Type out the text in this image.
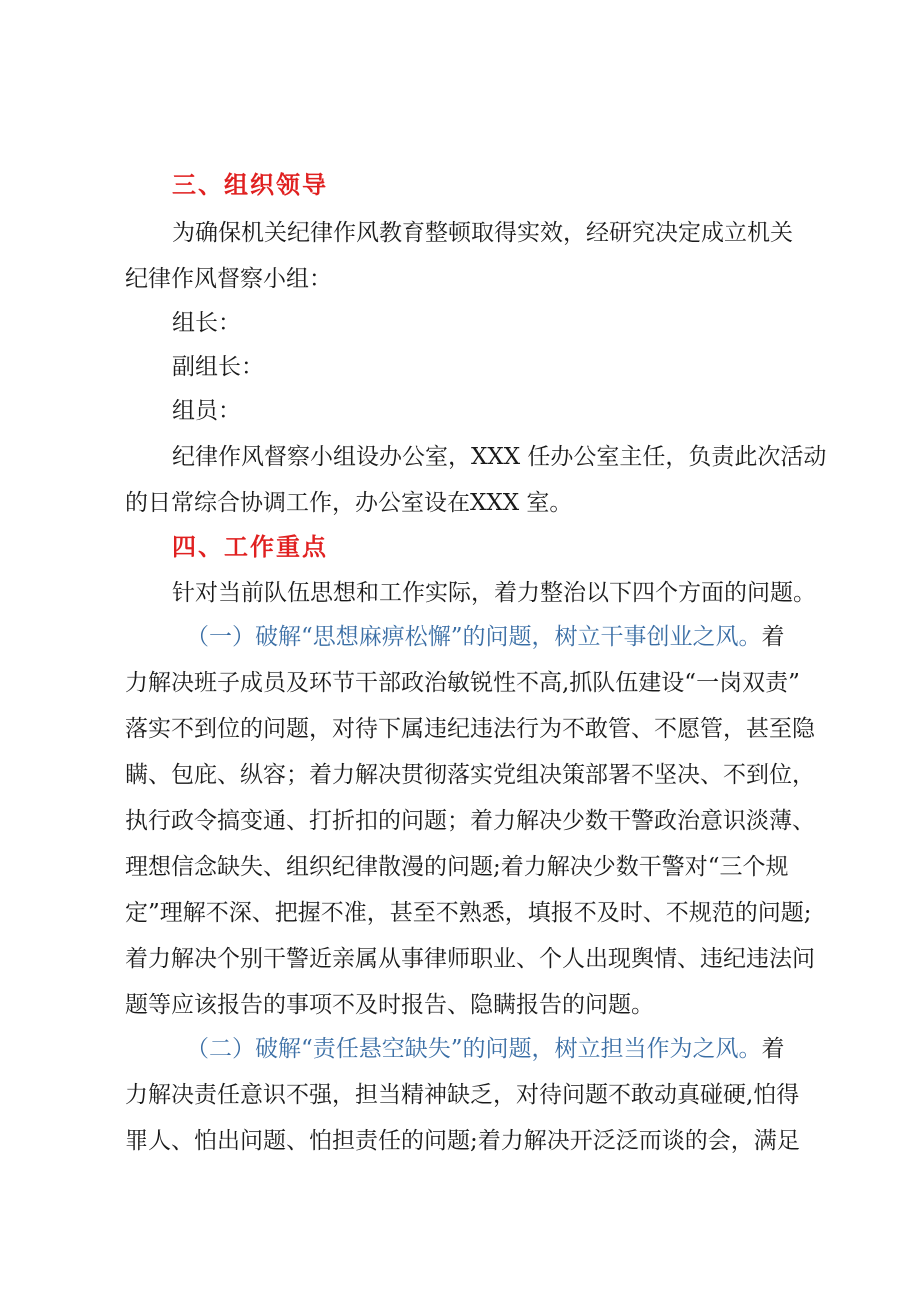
三、组织领导
为确保机关纪律作风教育整顿取得实效，经研究决定成立机关
纪律作风督察小组：
组长：
副组长：
组员：
纪律作风督察小组设办公室，XXX 任办公室主任，负责此次活动
的日常综合协调工作，办公室设在XXX 室。
四、工作重点
针对当前队伍思想和工作实际，着力整治以下四个方面的问题。
（一）破解“思想麻痹松懈”的问题，树立干事创业之风。着
力解决班子成员及环节干部政治敏锐性不高,抓队伍建设“一岗双责”
落实不到位的问题，对待下属违纪违法行为不敢管、不愿管，甚至隐
瞒、包庇、纵容；着力解决贯彻落实党组决策部署不坚决、不到位，
执行政令搞变通、打折扣的问题；着力解决少数干警政治意识淡薄、
理想信念缺失、组织纪律散漫的问题;着力解决少数干警对“三个规
定”理解不深、把握不准，甚至不熟悉，填报不及时、不规范的问题;
着力解决个别干警近亲属从事律师职业、个人出现舆情、违纪违法问
题等应该报告的事项不及时报告、隐瞒报告的问题。
（二）破解“责任悬空缺失”的问题，树立担当作为之风。着
力解决责任意识不强，担当精神缺乏，对待问题不敢动真碰硬,怕得
罪人、怕出问题、怕担责任的问题;着力解决开泛泛而谈的会，满足
